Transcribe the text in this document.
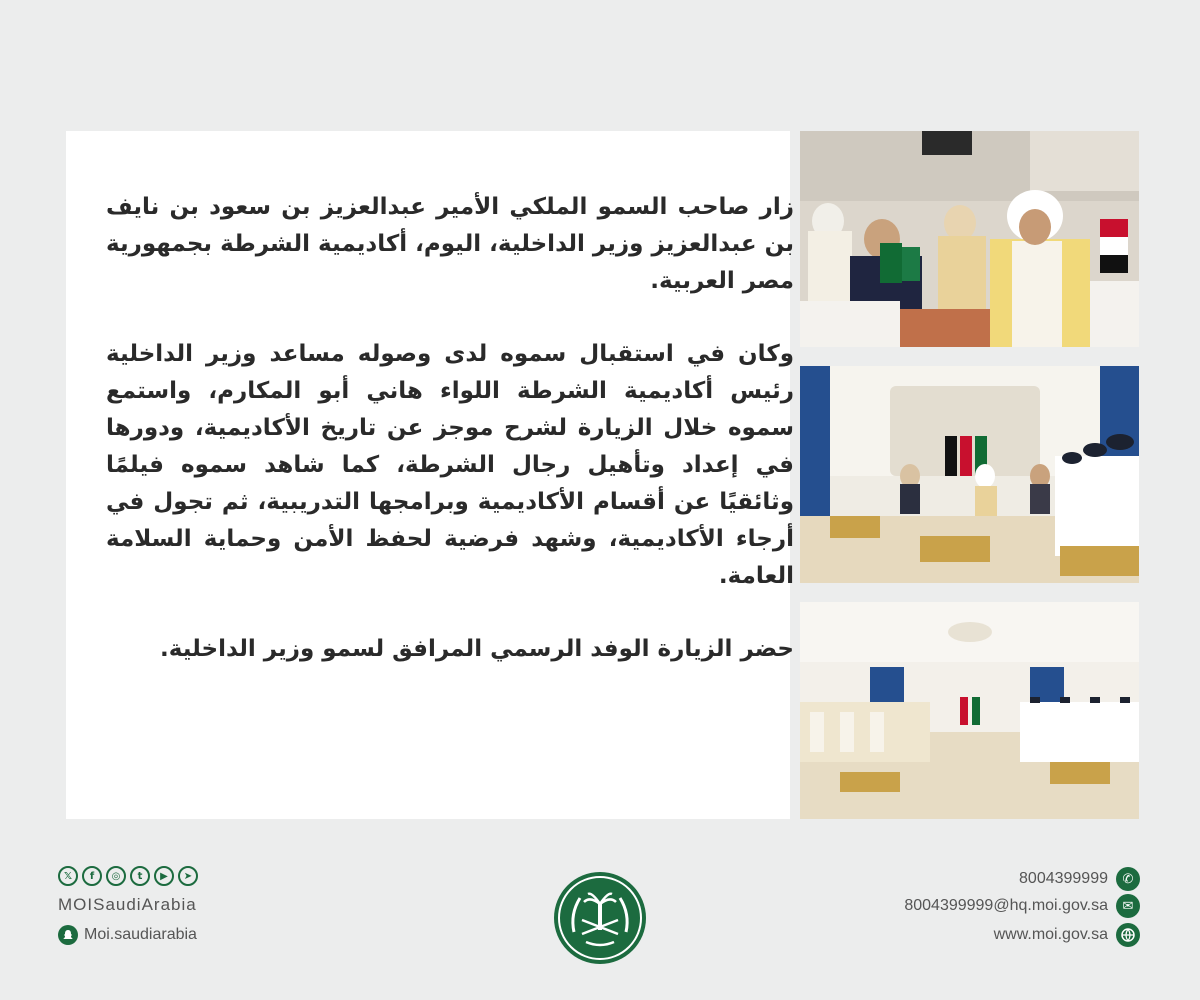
زار صاحب السمو الملكي الأمير عبدالعزيز بن سعود بن نايف بن عبدالعزيز وزير الداخلية، اليوم، أكاديمية الشرطة بجمهورية مصر العربية.

وكان في استقبال سموه لدى وصوله مساعد وزير الداخلية رئيس أكاديمية الشرطة اللواء هاني أبو المكارم، واستمع سموه خلال الزيارة لشرح موجز عن تاريخ الأكاديمية، ودورها في إعداد وتأهيل رجال الشرطة، كما شاهد سموه فيلمًا وثائقيًا عن أقسام الأكاديمية وبرامجها التدريبية، ثم تجول في أرجاء الأكاديمية، وشهد فرضية لحفظ الأمن وحماية السلامة العامة.

حضر الزيارة الوفد الرسمي المرافق لسمو وزير الداخلية.

𝕏	f	◎	t	▶	➤
MOISaudiArabia
Moi.saudiarabia
8004399999	✆
8004399999@hq.moi.gov.sa	✉
www.moi.gov.sa
